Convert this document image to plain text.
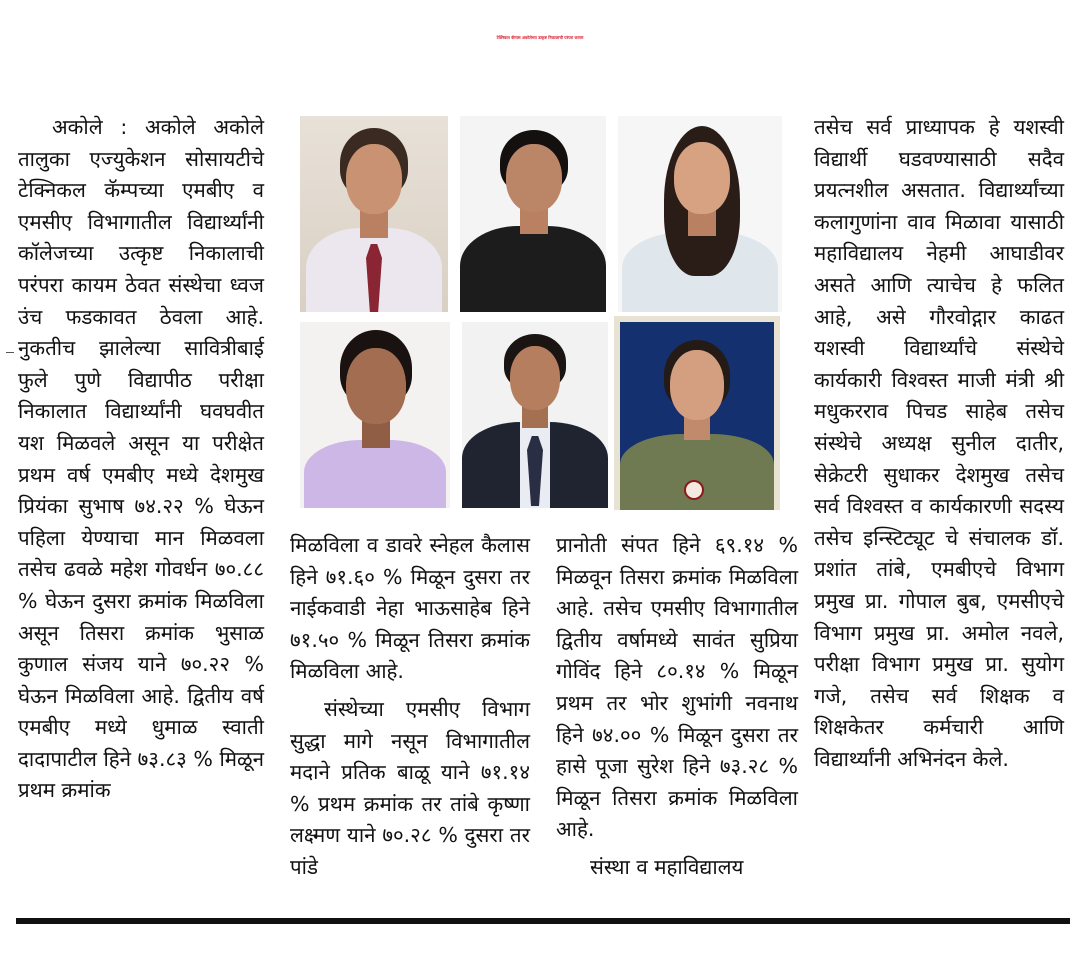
टेक्निकल कॅम्पस अकोलेच्या उत्कृष्ट निकालाची परंपरा कायम

अकोले : अकोले अकोले तालुका एज्युकेशन सोसायटीचे टेक्निकल कॅम्पच्या एमबीए व एमसीए विभागातील विद्यार्थ्यांनी कॉलेजच्या उत्कृष्ट निकालाची परंपरा कायम ठेवत संस्थेचा ध्वज उंच फडकावत ठेवला आहे. नुकतीच झालेल्या सावित्रीबाई फुले पुणे विद्यापीठ परीक्षा निकालात विद्यार्थ्यांनी घवघवीत यश मिळवले असून या परीक्षेत प्रथम वर्ष एमबीए मध्ये देशमुख प्रियंका सुभाष ७४.२२ % घेऊन पहिला येण्याचा मान मिळवला तसेच ढवळे महेश गोवर्धन ७०.८८ % घेऊन दुसरा क्रमांक मिळविला असून तिसरा क्रमांक भुसाळ कुणाल संजय याने ७०.२२ % घेऊन मिळविला आहे. द्वितीय वर्ष एमबीए मध्ये धुमाळ स्वाती दादापाटील हिने ७३.८३ % मिळून प्रथम क्रमांक

मिळविला व डावरे स्नेहल कैलास हिने ७१.६० % मिळून दुसरा तर नाईकवाडी नेहा भाऊसाहेब हिने ७१.५० % मिळून तिसरा क्रमांक मिळविला आहे.

संस्थेच्या एमसीए विभाग सुद्धा मागे नसून विभागातील मदाने प्रतिक बाळू याने ७१.१४ % प्रथम क्रमांक तर तांबे कृष्णा लक्ष्मण याने ७०.२८ % दुसरा तर पांडे

प्रानोती संपत हिने ६९.१४ % मिळवून तिसरा क्रमांक मिळविला आहे. तसेच एमसीए विभागातील द्वितीय वर्षामध्ये सावंत सुप्रिया गोविंद हिने ८०.१४ % मिळून प्रथम तर भोर शुभांगी नवनाथ हिने ७४.०० % मिळून दुसरा तर हासे पूजा सुरेश हिने ७३.२८ % मिळून तिसरा क्रमांक मिळविला आहे.

संस्था व महाविद्यालय

तसेच सर्व प्राध्यापक हे यशस्वी विद्यार्थी घडवण्यासाठी सदैव प्रयत्नशील असतात. विद्यार्थ्यांच्या कलागुणांना वाव मिळावा यासाठी महाविद्यालय नेहमी आघाडीवर असते आणि त्याचेच हे फलित आहे, असे गौरवोद्गार काढत यशस्वी विद्यार्थ्यांचे संस्थेचे कार्यकारी विश्वस्त माजी मंत्री श्री मधुकरराव पिचड साहेब तसेच संस्थेचे अध्यक्ष सुनील दातीर, सेक्रेटरी सुधाकर देशमुख तसेच सर्व विश्वस्त व कार्यकारणी सदस्य तसेच इन्स्टिट्यूट चे संचालक डॉ. प्रशांत तांबे, एमबीएचे विभाग प्रमुख प्रा. गोपाल बुब, एमसीएचे विभाग प्रमुख प्रा. अमोल नवले, परीक्षा विभाग प्रमुख प्रा. सुयोग गजे, तसेच सर्व शिक्षक व शिक्षकेतर कर्मचारी आणि विद्यार्थ्यांनी अभिनंदन केले.
